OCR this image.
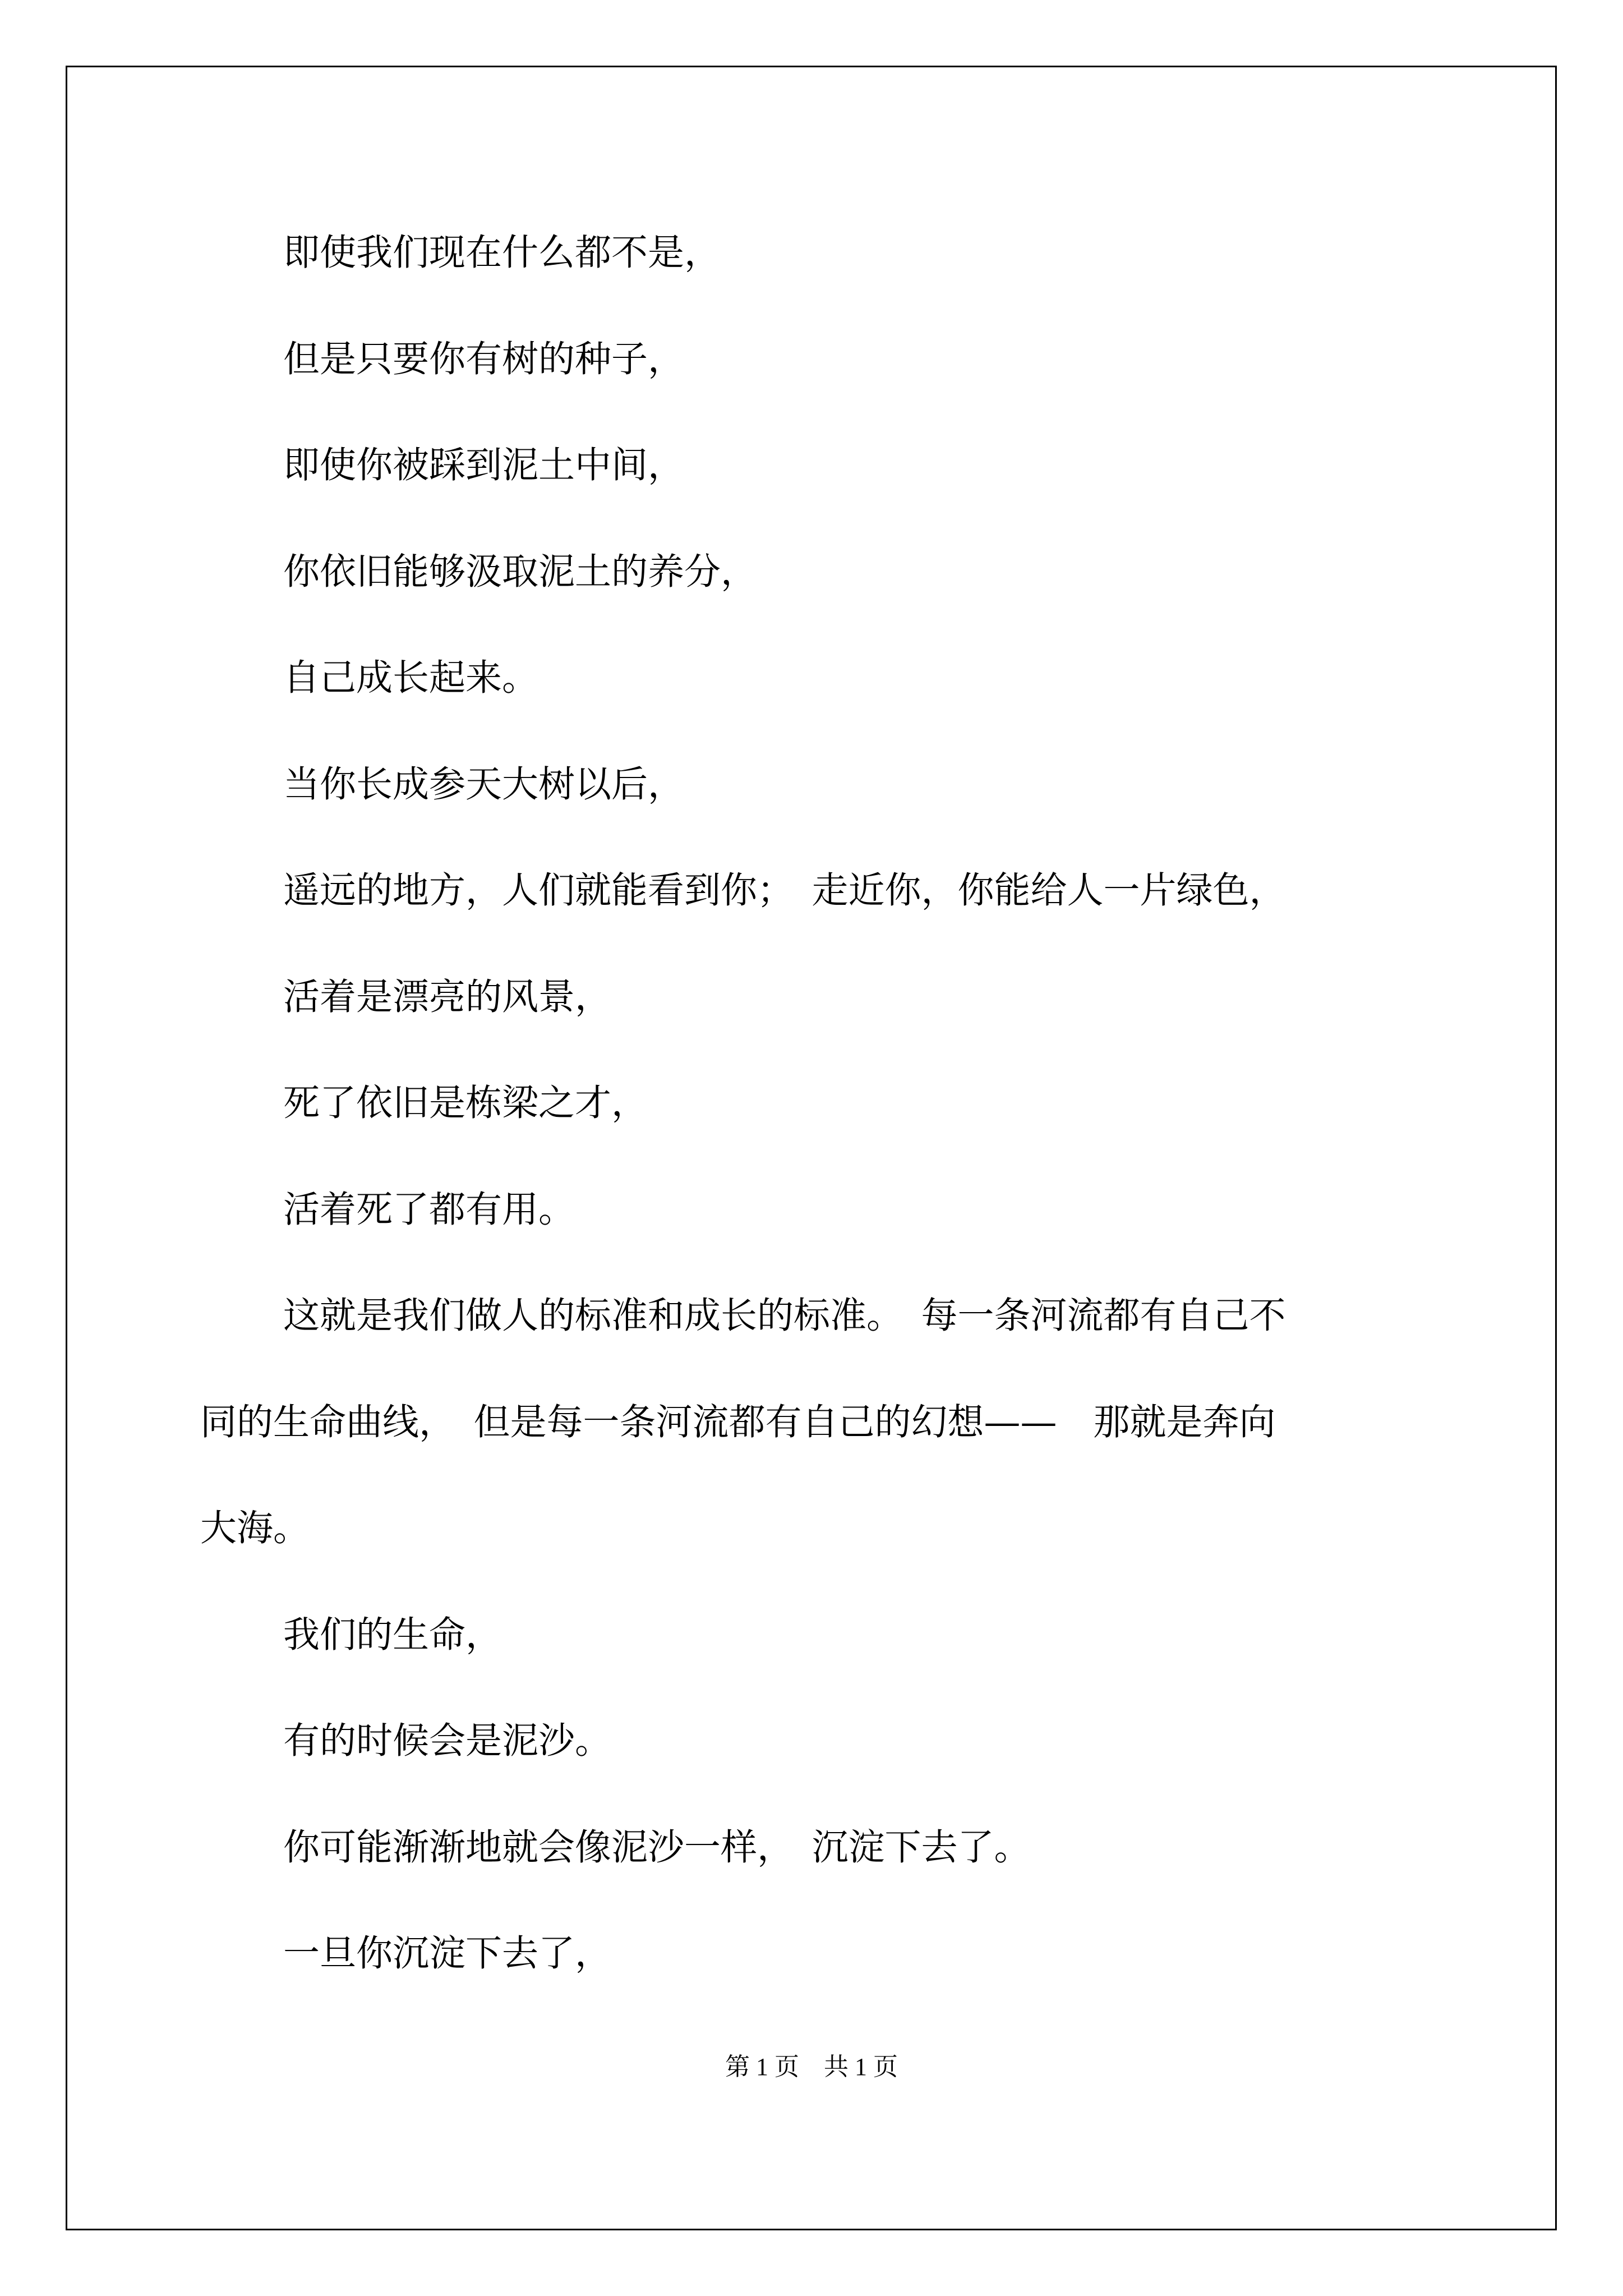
即使我们现在什么都不是，
但是只要你有树的种子，
即使你被踩到泥土中间，
你依旧能够汲取泥土的养分，
自己成长起来。
当你长成参天大树以后，
遥远的地方，人们就能看到你；　走近你，你能给人一片绿色，
活着是漂亮的风景，
死了依旧是栋梁之才，
活着死了都有用。
这就是我们做人的标准和成长的标准。　每一条河流都有自己不
同的生命曲线，　但是每一条河流都有自己的幻想——　那就是奔向
大海。
我们的生命，
有的时候会是泥沙。
你可能渐渐地就会像泥沙一样，　沉淀下去了。
一旦你沉淀下去了，
第 1 页　共 1 页
